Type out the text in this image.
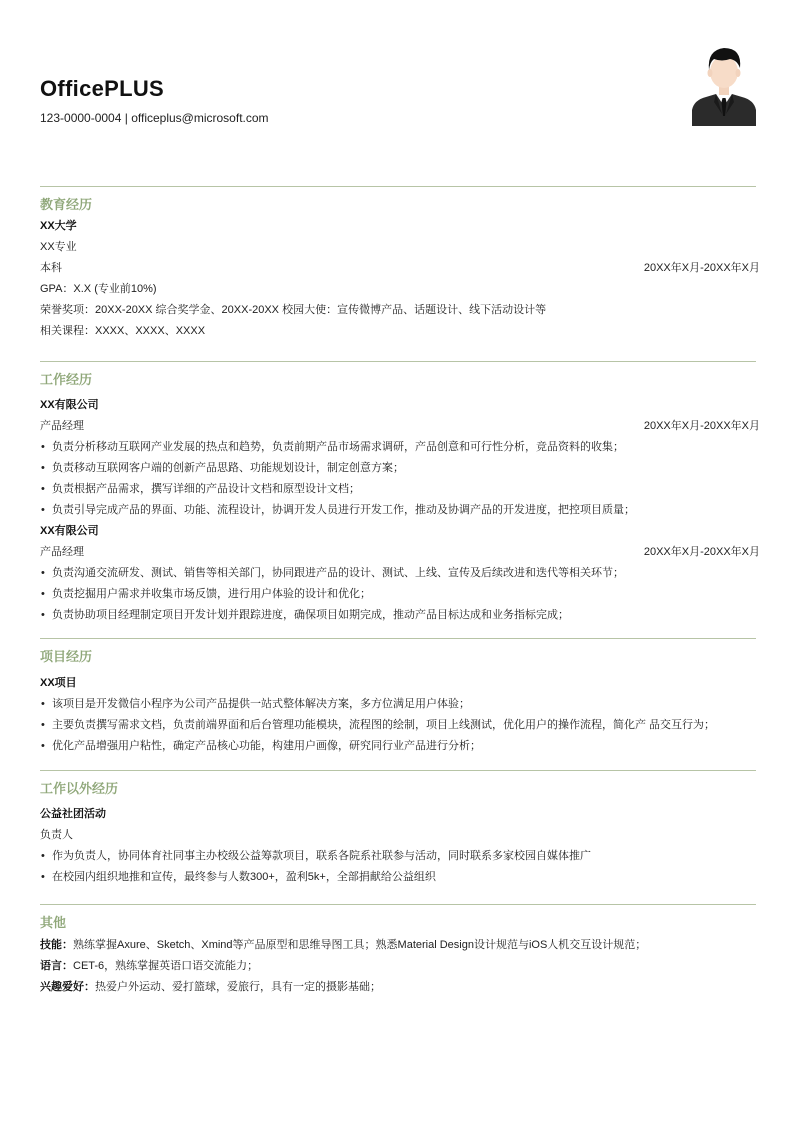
OfficePLUS
123-0000-0004 | officeplus@microsoft.com
教育经历
XX大学
XX专业
本科	20XX年X月-20XX年X月
GPA：X.X (专业前10%)
荣誉奖项：20XX-20XX 综合奖学金、20XX-20XX 校园大使：宣传微博产品、话题设计、线下活动设计等
相关课程：XXXX、XXXX、XXXX
工作经历
XX有限公司
产品经理	20XX年X月-20XX年X月
• 负责分析移动互联网产业发展的热点和趋势，负责前期产品市场需求调研，产品创意和可行性分析，竞品资料的收集；
• 负责移动互联网客户端的创新产品思路、功能规划设计，制定创意方案；
• 负责根据产品需求，撰写详细的产品设计文档和原型设计文档；
• 负责引导完成产品的界面、功能、流程设计，协调开发人员进行开发工作，推动及协调产品的开发进度，把控项目质量；
XX有限公司
产品经理	20XX年X月-20XX年X月
• 负责沟通交流研发、测试、销售等相关部门，协同跟进产品的设计、测试、上线、宣传及后续改进和迭代等相关环节；
• 负责挖掘用户需求并收集市场反馈，进行用户体验的设计和优化；
• 负责协助项目经理制定项目开发计划并跟踪进度，确保项目如期完成，推动产品目标达成和业务指标完成；
项目经历
XX项目
• 该项目是开发微信小程序为公司产品提供一站式整体解决方案，多方位满足用户体验；
• 主要负责撰写需求文档，负责前端界面和后台管理功能模块，流程图的绘制，项目上线测试，优化用户的操作流程，简化产 品交互行为；
• 优化产品增强用户粘性，确定产品核心功能，构建用户画像，研究同行业产品进行分析；
工作以外经历
公益社团活动
负责人
• 作为负责人，协同体育社同事主办校级公益筹款项目，联系各院系社联参与活动，同时联系多家校园自媒体推广
• 在校园内组织地推和宣传，最终参与人数300+，盈利5k+，全部捐献给公益组织
其他
技能：熟练掌握Axure、Sketch、Xmind等产品原型和思维导图工具；熟悉Material Design设计规范与iOS人机交互设计规范；
语言：CET-6，熟练掌握英语口语交流能力；
兴趣爱好：热爱户外运动、爱打篮球，爱旅行，具有一定的摄影基础；
